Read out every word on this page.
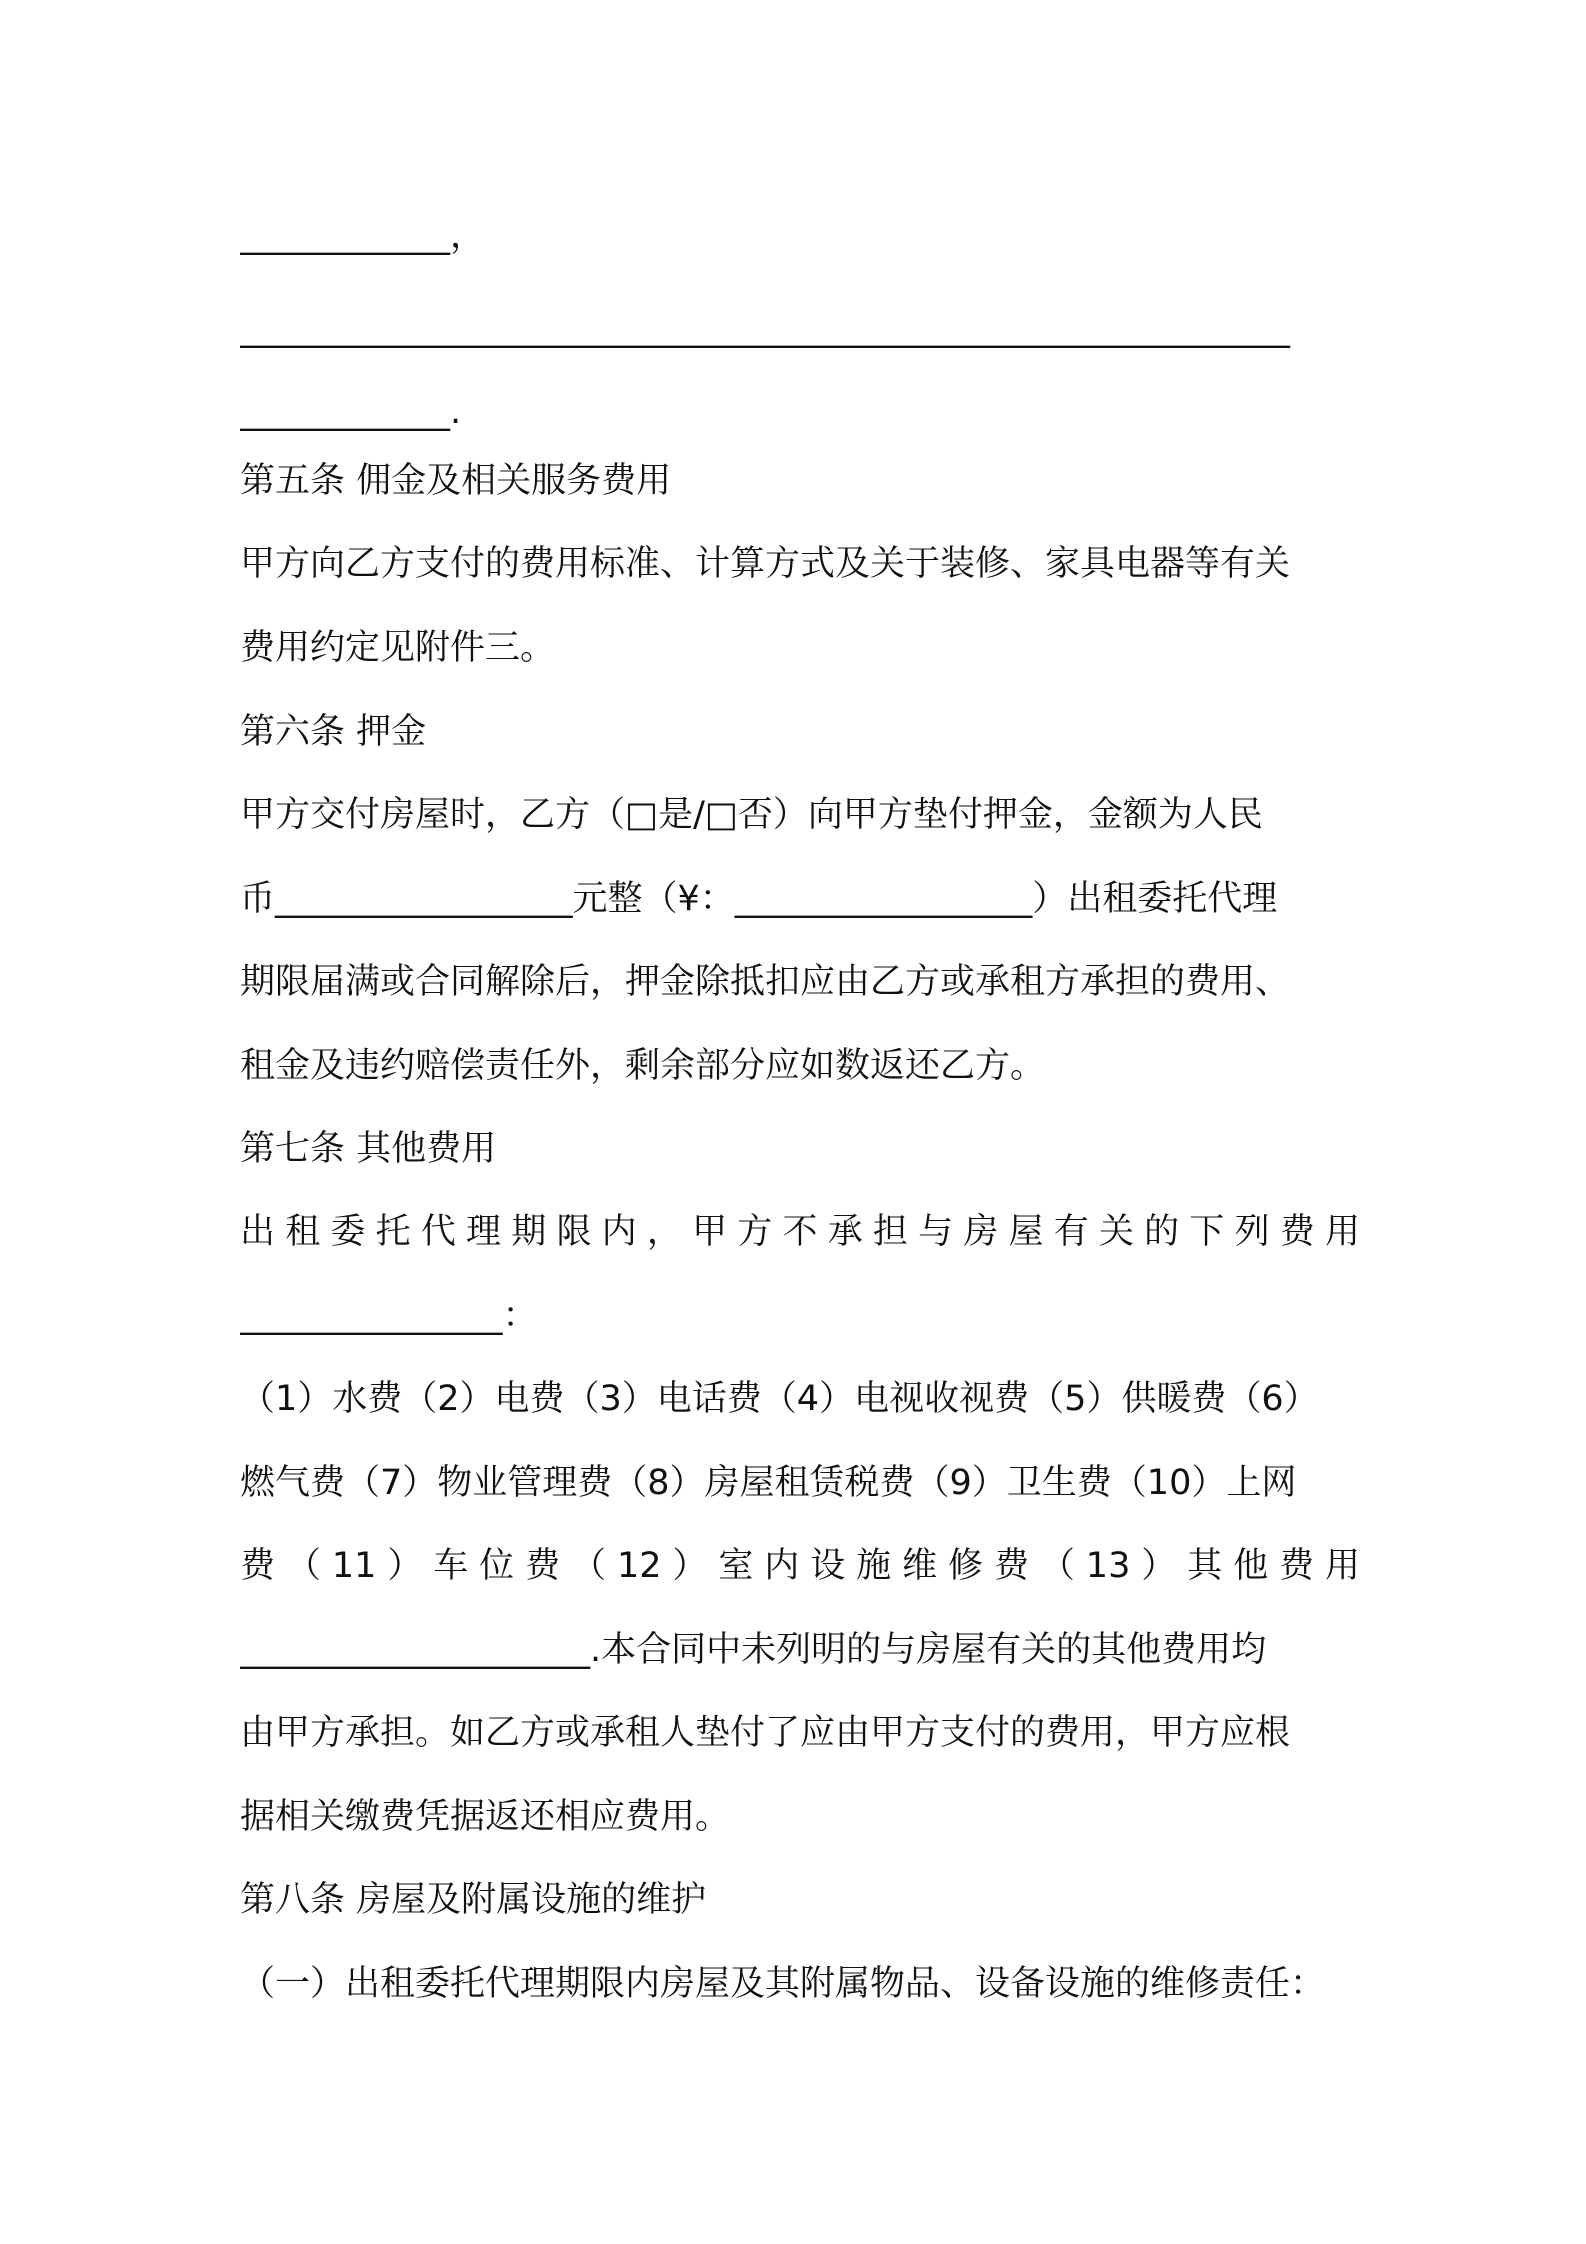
____________，
____________________________________________________________
____________.
第五条 佣金及相关服务费用
甲方向乙方支付的费用标准、计算方式及关于装修、家具电器等有关
费用约定见附件三。
第六条 押金
甲方交付房屋时，乙方（□是/□否）向甲方垫付押金，金额为人民
币_________________元整（¥：_________________）出租委托代理
期限届满或合同解除后，押金除抵扣应由乙方或承租方承担的费用、
租金及违约赔偿责任外，剩余部分应如数返还乙方。
第七条 其他费用
出租委托代理期限内，甲方不承担与房屋有关的下列费用
_______________：
（1）水费（2）电费（3）电话费（4）电视收视费（5）供暖费（6）
燃气费（7）物业管理费（8）房屋租赁税费（9）卫生费（10）上网
费（11）车位费（12）室内设施维修费（13）其他费用
____________________.本合同中未列明的与房屋有关的其他费用均
由甲方承担。如乙方或承租人垫付了应由甲方支付的费用，甲方应根
据相关缴费凭据返还相应费用。
第八条 房屋及附属设施的维护
（一）出租委托代理期限内房屋及其附属物品、设备设施的维修责任：
